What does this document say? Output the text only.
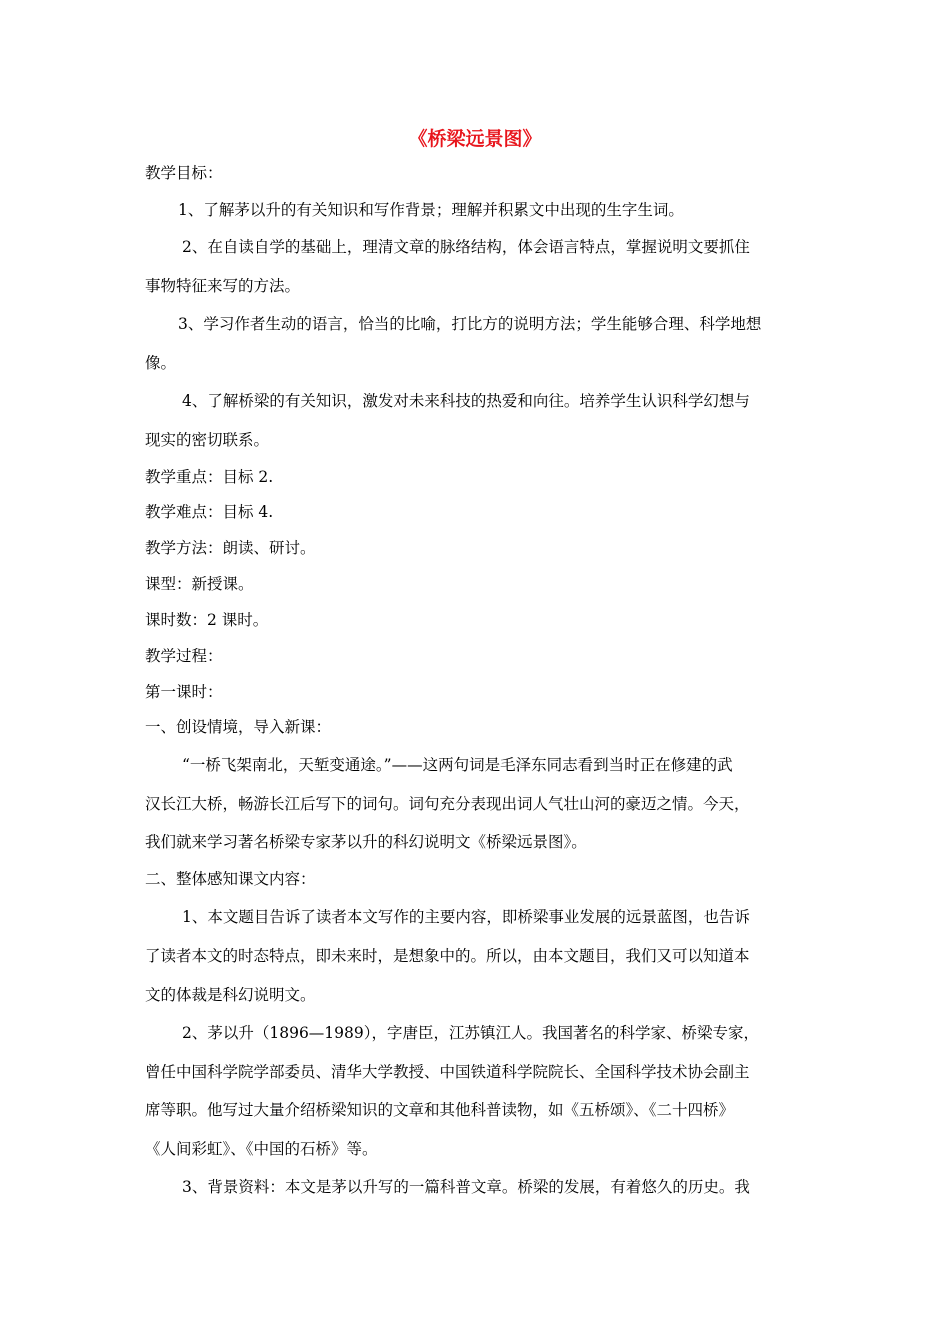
《桥梁远景图》

教学目标：

1、了解茅以升的有关知识和写作背景；理解并积累文中出现的生字生词。

2、在自读自学的基础上，理清文章的脉络结构，体会语言特点，掌握说明文要抓住

事物特征来写的方法。

3、学习作者生动的语言，恰当的比喻，打比方的说明方法；学生能够合理、科学地想

像。

4、了解桥梁的有关知识，激发对未来科技的热爱和向往。培养学生认识科学幻想与

现实的密切联系。

教学重点：目标 2.

教学难点：目标 4.

教学方法：朗读、研讨。

课型：新授课。

课时数：2 课时。

教学过程：

第一课时：

一、创设情境，导入新课：

“一桥飞架南北，天堑变通途。”——这两句词是毛泽东同志看到当时正在修建的武

汉长江大桥，畅游长江后写下的词句。词句充分表现出词人气壮山河的豪迈之情。今天，

我们就来学习著名桥梁专家茅以升的科幻说明文《桥梁远景图》。

二、整体感知课文内容：

1、本文题目告诉了读者本文写作的主要内容，即桥梁事业发展的远景蓝图，也告诉

了读者本文的时态特点，即未来时，是想象中的。所以，由本文题目，我们又可以知道本

文的体裁是科幻说明文。

2、茅以升（1896—1989），字唐臣，江苏镇江人。我国著名的科学家、桥梁专家，

曾任中国科学院学部委员、清华大学教授、中国铁道科学院院长、全国科学技术协会副主

席等职。他写过大量介绍桥梁知识的文章和其他科普读物，如《五桥颂》、《二十四桥》

《人间彩虹》、《中国的石桥》等。

3、背景资料：本文是茅以升写的一篇科普文章。桥梁的发展，有着悠久的历史。我
